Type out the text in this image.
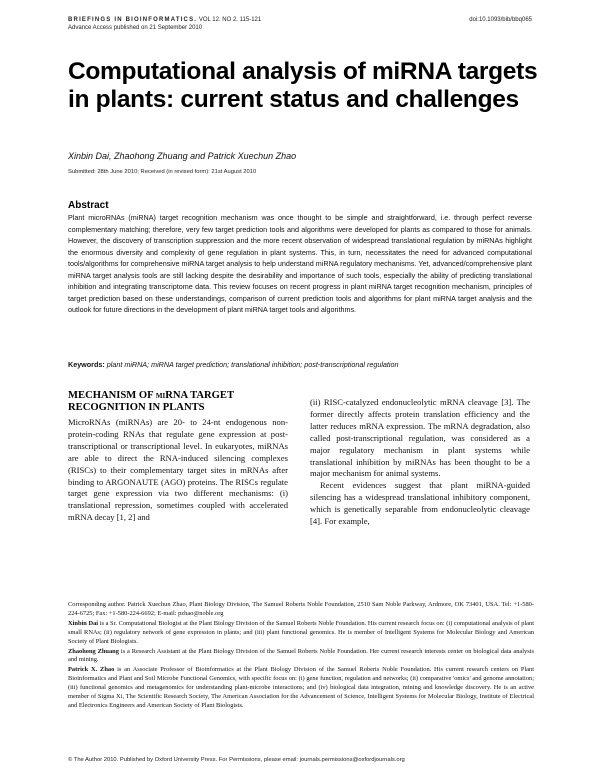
BRIEFINGS IN BIOINFORMATICS. VOL 12. NO 2. 115-121
Advance Access published on 21 September 2010
doi:10.1093/bib/bbq065
Computational analysis of miRNA targets in plants: current status and challenges
Xinbin Dai, Zhaohong Zhuang and Patrick Xuechun Zhao
Submitted: 28th June 2010; Received (in revised form): 21st August 2010
Abstract

Plant microRNAs (miRNA) target recognition mechanism was once thought to be simple and straightforward, i.e. through perfect reverse complementary matching; therefore, very few target prediction tools and algorithms were developed for plants as compared to those for animals. However, the discovery of transcription suppression and the more recent observation of widespread translational regulation by miRNAs highlight the enormous diversity and complexity of gene regulation in plant systems. This, in turn, necessitates the need for advanced computational tools/algorithms for comprehensive miRNA target analysis to help understand miRNA regulatory mechanisms. Yet, advanced/comprehensive plant miRNA target analysis tools are still lacking despite the desirability and importance of such tools, especially the ability of predicting translational inhibition and integrating transcriptome data. This review focuses on recent progress in plant miRNA target recognition mechanism, principles of target prediction based on these understandings, comparison of current prediction tools and algorithms for plant miRNA target analysis and the outlook for future directions in the development of plant miRNA target tools and algorithms.

Keywords: plant miRNA; miRNA target prediction; translational inhibition; post-transcriptional regulation
MECHANISM OF miRNA TARGET RECOGNITION IN PLANTS

MicroRNAs (miRNAs) are 20- to 24-nt endogenous non-protein-coding RNAs that regulate gene expression at post-transcriptional or transcriptional level. In eukaryotes, miRNAs are able to direct the RNA-induced silencing complexes (RISCs) to their complementary target sites in mRNAs after binding to ARGONAUTE (AGO) proteins. The RISCs regulate target gene expression via two different mechanisms: (i) translational repression, sometimes coupled with accelerated mRNA decay [1, 2] and

(ii) RISC-catalyzed endonucleolytic mRNA cleavage [3]. The former directly affects protein translation efficiency and the latter reduces mRNA expression. The mRNA degradation, also called post-transcriptional regulation, was considered as a major regulatory mechanism in plant systems while translational inhibition by miRNAs has been thought to be a major mechanism for animal systems.

Recent evidences suggest that plant miRNA-guided silencing has a widespread translational inhibitory component, which is genetically separable from endonucleolytic cleavage [4]. For example,

Corresponding author. Patrick Xuechun Zhao, Plant Biology Division, The Samuel Roberts Noble Foundation, 2510 Sam Noble Parkway, Ardmore, OK 73401, USA. Tel: +1-580-224-6725; Fax: +1-580-224-6692; E-mail: pzhao@noble.org

Xinbin Dai is a Sr. Computational Biologist at the Plant Biology Division of the Samuel Roberts Noble Foundation. His current research focus on: (i) computational analysis of plant small RNAs; (ii) regulatory network of gene expression in plants; and (iii) plant functional genomics. He is member of Intelligent Systems for Molecular Biology and American Society of Plant Biologists.

Zhaohong Zhuang is a Research Assistant at the Plant Biology Division of the Samuel Roberts Noble Foundation. Her current research interests center on biological data analysis and mining.

Patrick X. Zhao is an Associate Professor of Bioinformatics at the Plant Biology Division of the Samuel Roberts Noble Foundation. His current research centers on Plant Bioinformatics and Plant and Soil Microbe Functional Genomics, with specific focus on: (i) gene function, regulation and networks; (ii) comparative 'omics' and genome annotation; (iii) functional genomics and metagenomics for understanding plant-microbe interactions; and (iv) biological data integration, mining and knowledge discovery. He is an active member of Sigma Xi, The Scientific Research Society, The American Association for the Advancement of Science, Intelligent Systems for Molecular Biology, Institute of Electrical and Electronics Engineers and American Society of Plant Biologists.

© The Author 2010. Published by Oxford University Press. For Permissions, please email: journals.permissions@oxfordjournals.org
